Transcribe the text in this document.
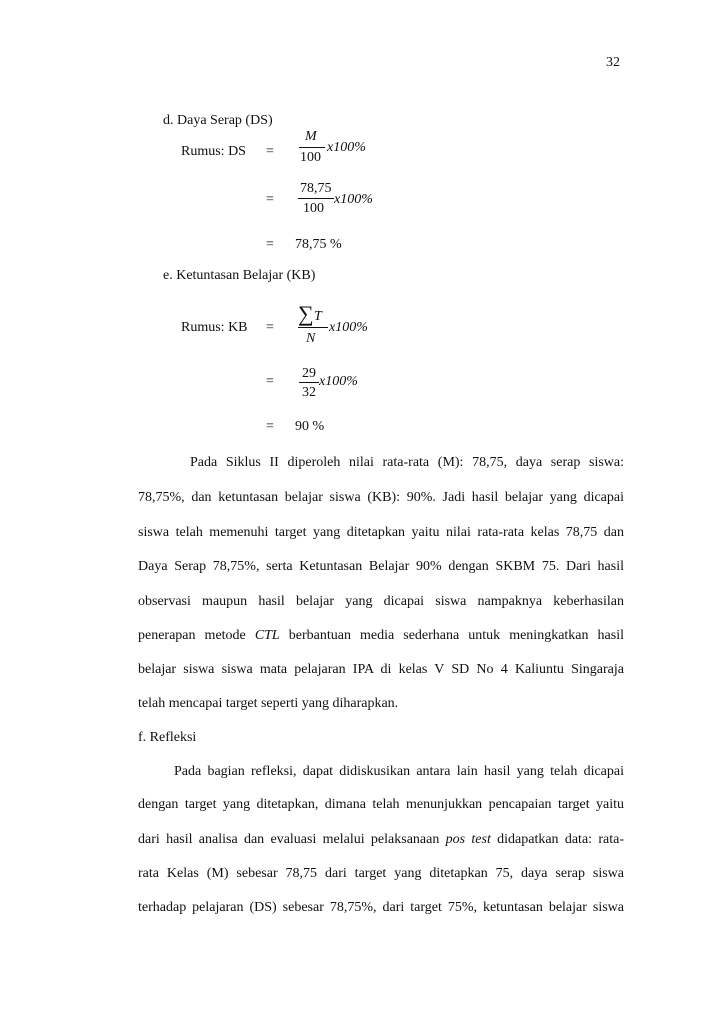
32
d. Daya Serap (DS)
Rumus: DS =
M
100
x100%
=
78,75
100
x100%
= 78,75 %
e. Ketuntasan Belajar (KB)
Rumus: KB =
∑ T
N
x100%
=
29
32
x100%
= 90 %
Pada Siklus II diperoleh nilai rata-rata (M): 78,75, daya serap siswa:
78,75%, dan ketuntasan belajar siswa (KB): 90%. Jadi hasil belajar yang dicapai
siswa telah memenuhi target yang ditetapkan yaitu nilai rata-rata kelas 78,75 dan
Daya Serap 78,75%, serta Ketuntasan Belajar 90% dengan SKBM 75. Dari hasil
observasi maupun hasil belajar yang dicapai siswa nampaknya keberhasilan
penerapan metode CTL berbantuan media sederhana untuk meningkatkan hasil
belajar siswa siswa mata pelajaran IPA di kelas V SD No 4 Kaliuntu Singaraja
telah mencapai target seperti yang diharapkan.
f. Refleksi
Pada bagian refleksi, dapat didiskusikan antara lain hasil yang telah dicapai
dengan target yang ditetapkan, dimana telah menunjukkan pencapaian target yaitu
dari hasil analisa dan evaluasi melalui pelaksanaan pos test didapatkan data: rata-
rata Kelas (M) sebesar 78,75 dari target yang ditetapkan 75, daya serap siswa
terhadap pelajaran (DS) sebesar 78,75%, dari target 75%, ketuntasan belajar siswa
